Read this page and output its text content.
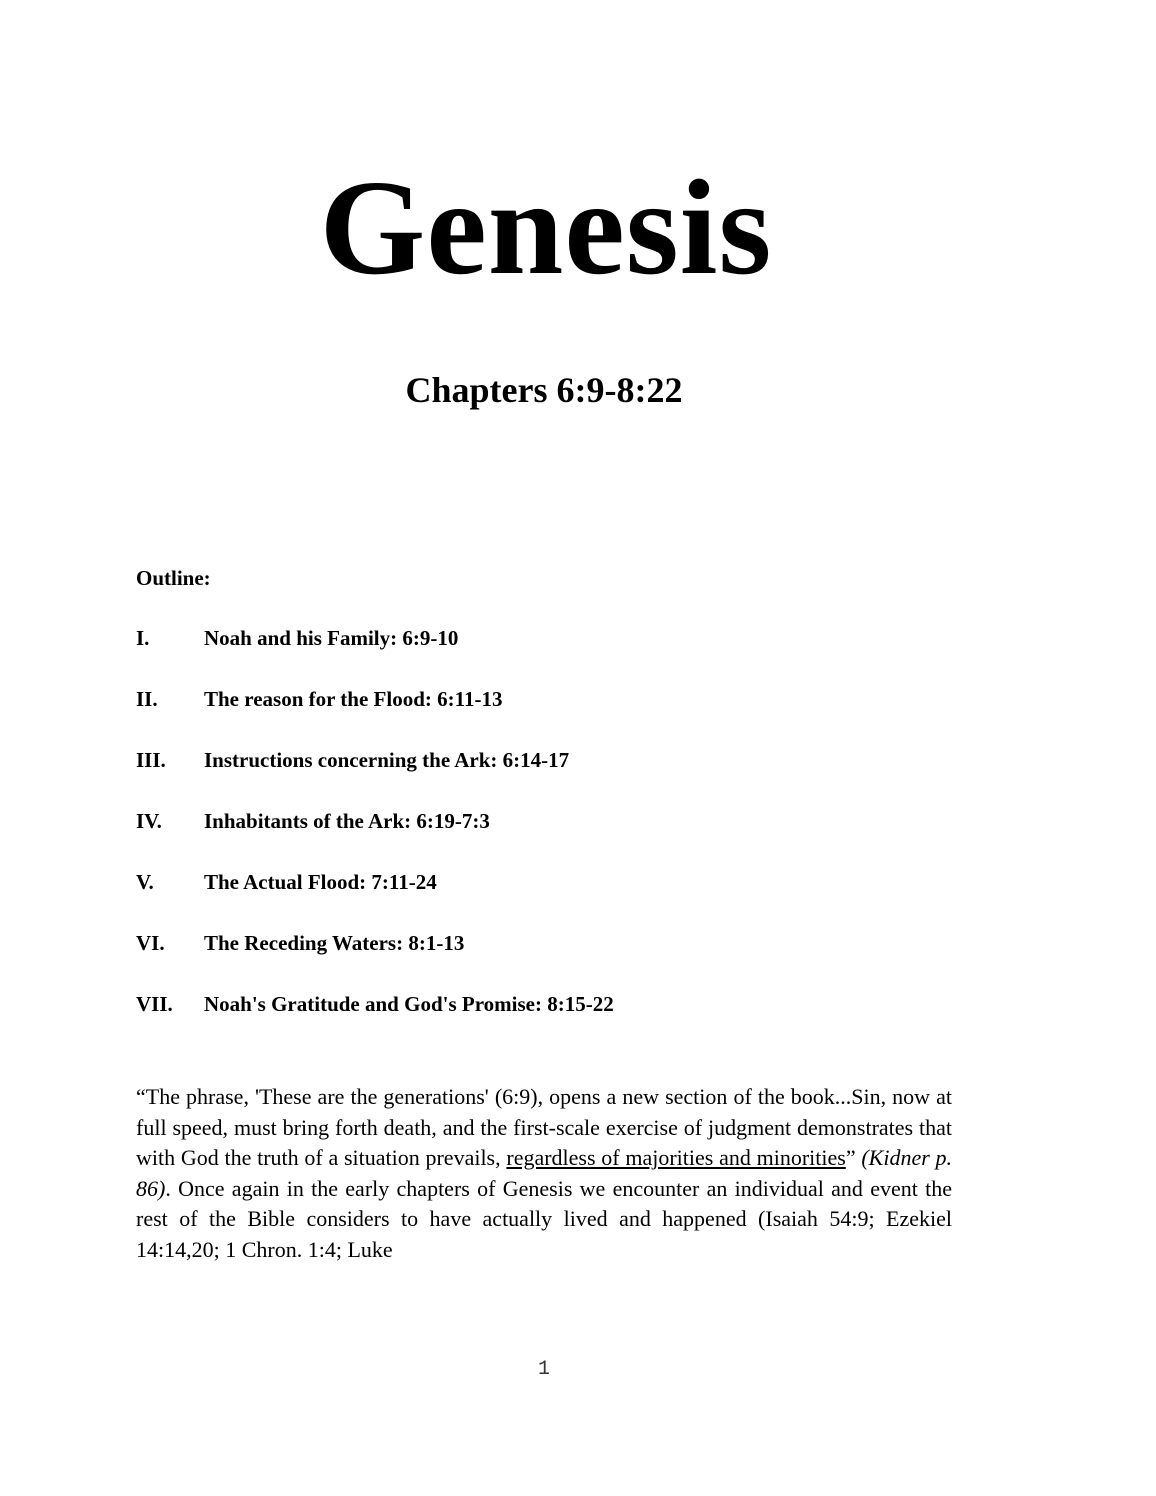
Genesis
Chapters 6:9-8:22
Outline:
I.	Noah and his Family: 6:9-10
II.	The reason for the Flood: 6:11-13
III.	Instructions concerning the Ark: 6:14-17
IV.	Inhabitants of the Ark: 6:19-7:3
V.	The Actual Flood: 7:11-24
VI.	The Receding Waters: 8:1-13
VII.	Noah's Gratitude and God's Promise: 8:15-22

“The phrase, 'These are the generations' (6:9), opens a new section of the book...Sin, now at full speed, must bring forth death, and the first-scale exercise of judgment demonstrates that with God the truth of a situation prevails, regardless of majorities and minorities” (Kidner p. 86). Once again in the early chapters of Genesis we encounter an individual and event the rest of the Bible considers to have actually lived and happened (Isaiah 54:9; Ezekiel 14:14,20; 1 Chron. 1:4; Luke

1
